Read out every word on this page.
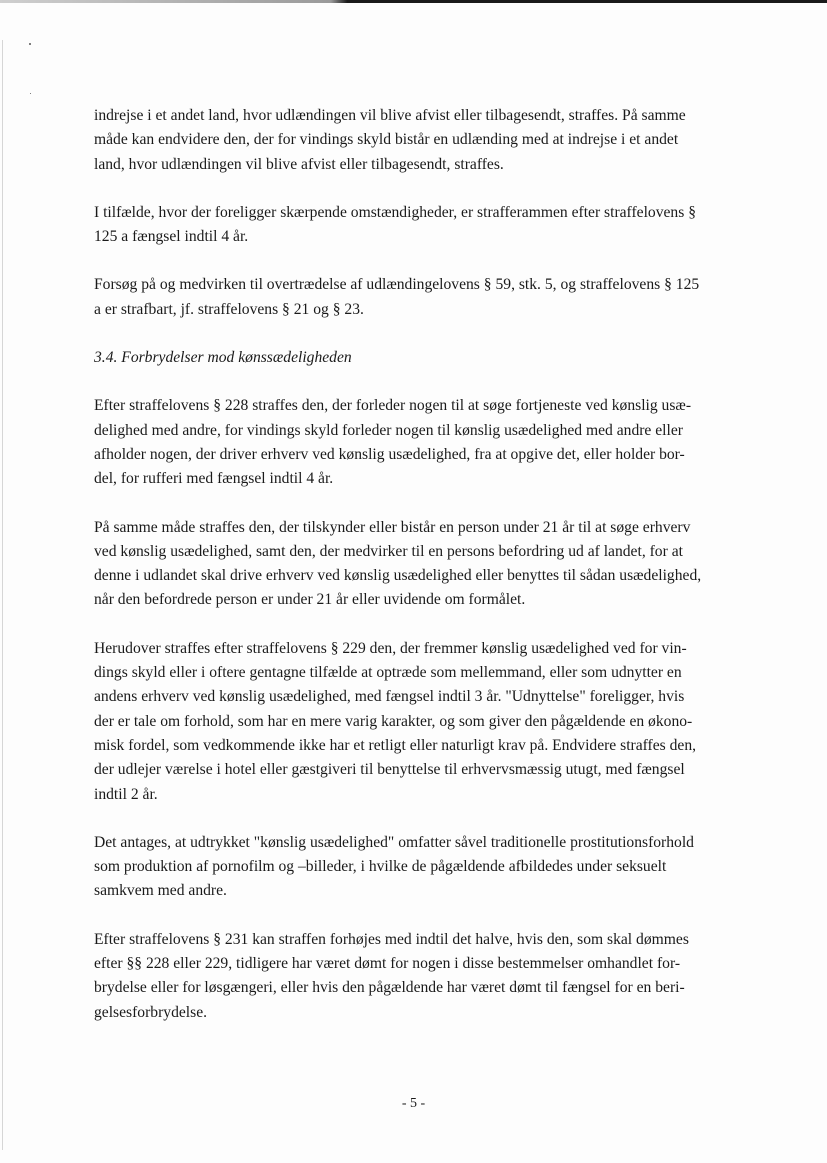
indrejse i et andet land, hvor udlændingen vil blive afvist eller tilbagesendt, straffes. På samme
måde kan endvidere den, der for vindings skyld bistår en udlænding med at indrejse i et andet
land, hvor udlændingen vil blive afvist eller tilbagesendt, straffes.

I tilfælde, hvor der foreligger skærpende omstændigheder, er strafferammen efter straffelovens §
125 a fængsel indtil 4 år.

Forsøg på og medvirken til overtrædelse af udlændingelovens § 59, stk. 5, og straffelovens § 125
a er strafbart, jf. straffelovens § 21 og § 23.

3.4. Forbrydelser mod kønssædeligheden

Efter straffelovens § 228 straffes den, der forleder nogen til at søge fortjeneste ved kønslig usæ-
delighed med andre, for vindings skyld forleder nogen til kønslig usædelighed med andre eller
afholder nogen, der driver erhverv ved kønslig usædelighed, fra at opgive det, eller holder bor-
del, for rufferi med fængsel indtil 4 år.

På samme måde straffes den, der tilskynder eller bistår en person under 21 år til at søge erhverv
ved kønslig usædelighed, samt den, der medvirker til en persons befordring ud af landet, for at
denne i udlandet skal drive erhverv ved kønslig usædelighed eller benyttes til sådan usædelighed,
når den befordrede person er under 21 år eller uvidende om formålet.

Herudover straffes efter straffelovens § 229 den, der fremmer kønslig usædelighed ved for vin-
dings skyld eller i oftere gentagne tilfælde at optræde som mellemmand, eller som udnytter en
andens erhverv ved kønslig usædelighed, med fængsel indtil 3 år. "Udnyttelse" foreligger, hvis
der er tale om forhold, som har en mere varig karakter, og som giver den pågældende en økono-
misk fordel, som vedkommende ikke har et retligt eller naturligt krav på. Endvidere straffes den,
der udlejer værelse i hotel eller gæstgiveri til benyttelse til erhvervsmæssig utugt, med fængsel
indtil 2 år.

Det antages, at udtrykket "kønslig usædelighed" omfatter såvel traditionelle prostitutionsforhold
som produktion af pornofilm og –billeder, i hvilke de pågældende afbildedes under seksuelt
samkvem med andre.

Efter straffelovens § 231 kan straffen forhøjes med indtil det halve, hvis den, som skal dømmes
efter §§ 228 eller 229, tidligere har været dømt for nogen i disse bestemmelser omhandlet for-
brydelse eller for løsgængeri, eller hvis den pågældende har været dømt til fængsel for en beri-
gelsesforbrydelse.

- 5 -
